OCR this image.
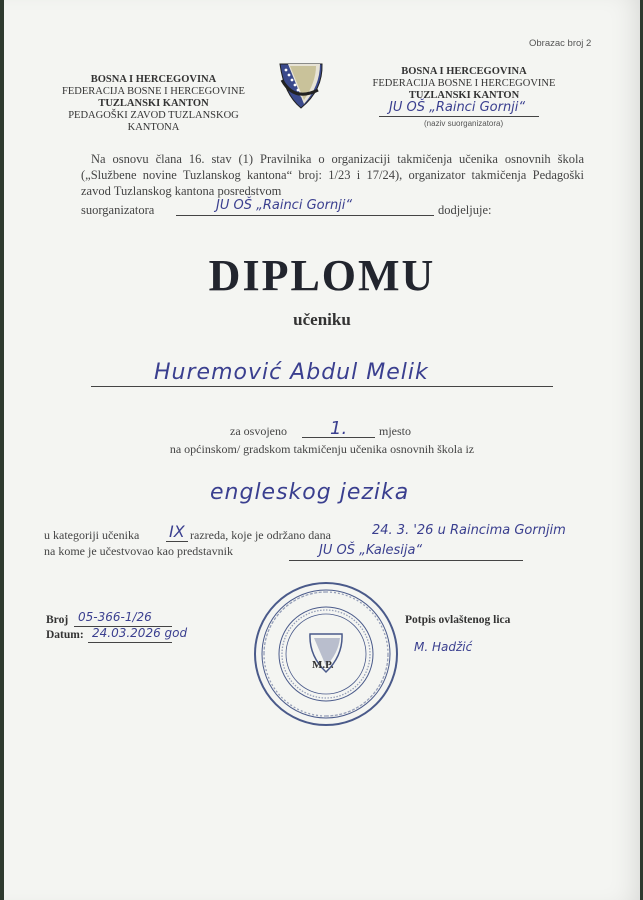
Obrazac broj 2
BOSNA I HERCEGOVINA
FEDERACIJA BOSNE I HERCEGOVINE
TUZLANSKI KANTON
PEDAGOŠKI ZAVOD TUZLANSKOG KANTONA
BOSNA I HERCEGOVINA
FEDERACIJA BOSNE I HERCEGOVINE
TUZLANSKI KANTON
JU OŠ „Rainci Gornji“
(naziv suorganizatora)
Na osnovu člana 16. stav (1) Pravilnika o organizaciji takmičenja učenika osnovnih škola („Službene novine Tuzlanskog kantona“ broj: 1/23 i 17/24), organizator takmičenja Pedagoški zavod Tuzlanskog kantona posredstvom
suorganizatora	JU OŠ „Rainci Gornji“	dodjeljuje:
DIPLOMU
učeniku
Huremović Abdul Melik
za osvojeno 1.	mjesto
na općinskom/ gradskom takmičenju učenika osnovnih škola iz
engleskog jezika
u kategoriji učenika IX razreda, koje je održano dana	24. 3. '26 u Raincima Gornjim
na kome je učestvovao kao predstavnik	JU OŠ „Kalesija“
Broj 05-366-1/26
Datum: 24.03.2026 god
M.P.
Potpis ovlaštenog lica
M. Hadžić
